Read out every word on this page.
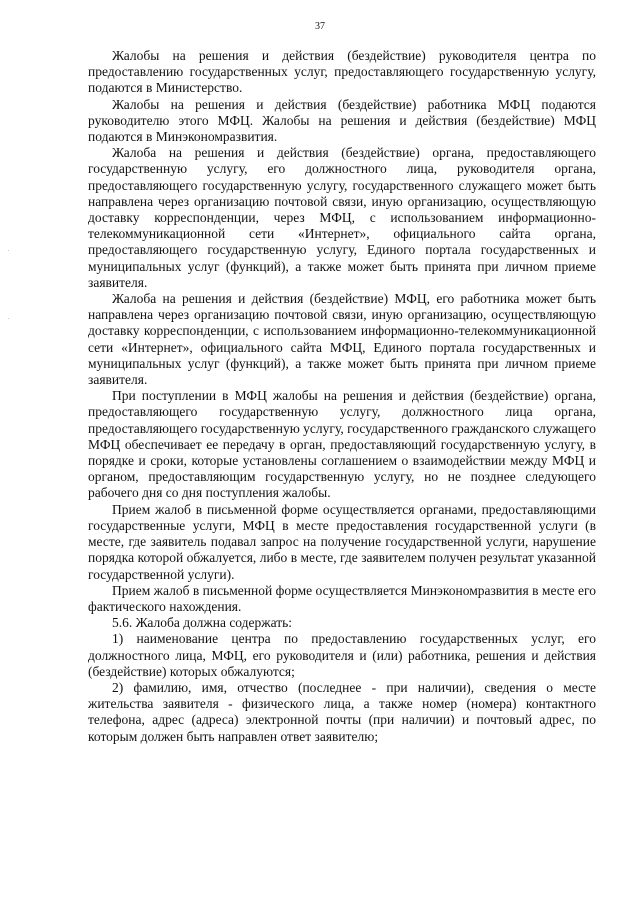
37

Жалобы на решения и действия (бездействие) руководителя центра по предоставлению государственных услуг, предоставляющего государственную услугу, подаются в Министерство.

Жалобы на решения и действия (бездействие) работника МФЦ подаются руководителю этого МФЦ. Жалобы на решения и действия (бездействие) МФЦ подаются в Минэкономразвития.

Жалоба на решения и действия (бездействие) органа, предоставляющего государственную услугу, его должностного лица, руководителя органа, предоставляющего государственную услугу, государственного служащего может быть направлена через организацию почтовой связи, иную организацию, осуществляющую доставку корреспонденции, через МФЦ, с использованием информационно-телекоммуникационной сети «Интернет», официального сайта органа, предоставляющего государственную услугу, Единого портала государственных и муниципальных услуг (функций), а также может быть принята при личном приеме заявителя.

Жалоба на решения и действия (бездействие) МФЦ, его работника может быть направлена через организацию почтовой связи, иную организацию, осуществляющую доставку корреспонденции, с использованием информационно-телекоммуникационной сети «Интернет», официального сайта МФЦ, Единого портала государственных и муниципальных услуг (функций), а также может быть принята при личном приеме заявителя.

При поступлении в МФЦ жалобы на решения и действия (бездействие) органа, предоставляющего государственную услугу, должностного лица органа, предоставляющего государственную услугу, государственного гражданского служащего МФЦ обеспечивает ее передачу в орган, предоставляющий государственную услугу, в порядке и сроки, которые установлены соглашением о взаимодействии между МФЦ и органом, предоставляющим государственную услугу, но не позднее следующего рабочего дня со дня поступления жалобы.

Прием жалоб в письменной форме осуществляется органами, предоставляющими государственные услуги, МФЦ в месте предоставления государственной услуги (в месте, где заявитель подавал запрос на получение государственной услуги, нарушение порядка которой обжалуется, либо в месте, где заявителем получен результат указанной государственной услуги).

Прием жалоб в письменной форме осуществляется Минэкономразвития в месте его фактического нахождения.

5.6. Жалоба должна содержать:

1) наименование центра по предоставлению государственных услуг, его должностного лица, МФЦ, его руководителя и (или) работника, решения и действия (бездействие) которых обжалуются;

2) фамилию, имя, отчество (последнее - при наличии), сведения о месте жительства заявителя - физического лица, а также номер (номера) контактного телефона, адрес (адреса) электронной почты (при наличии) и почтовый адрес, по которым должен быть направлен ответ заявителю;
